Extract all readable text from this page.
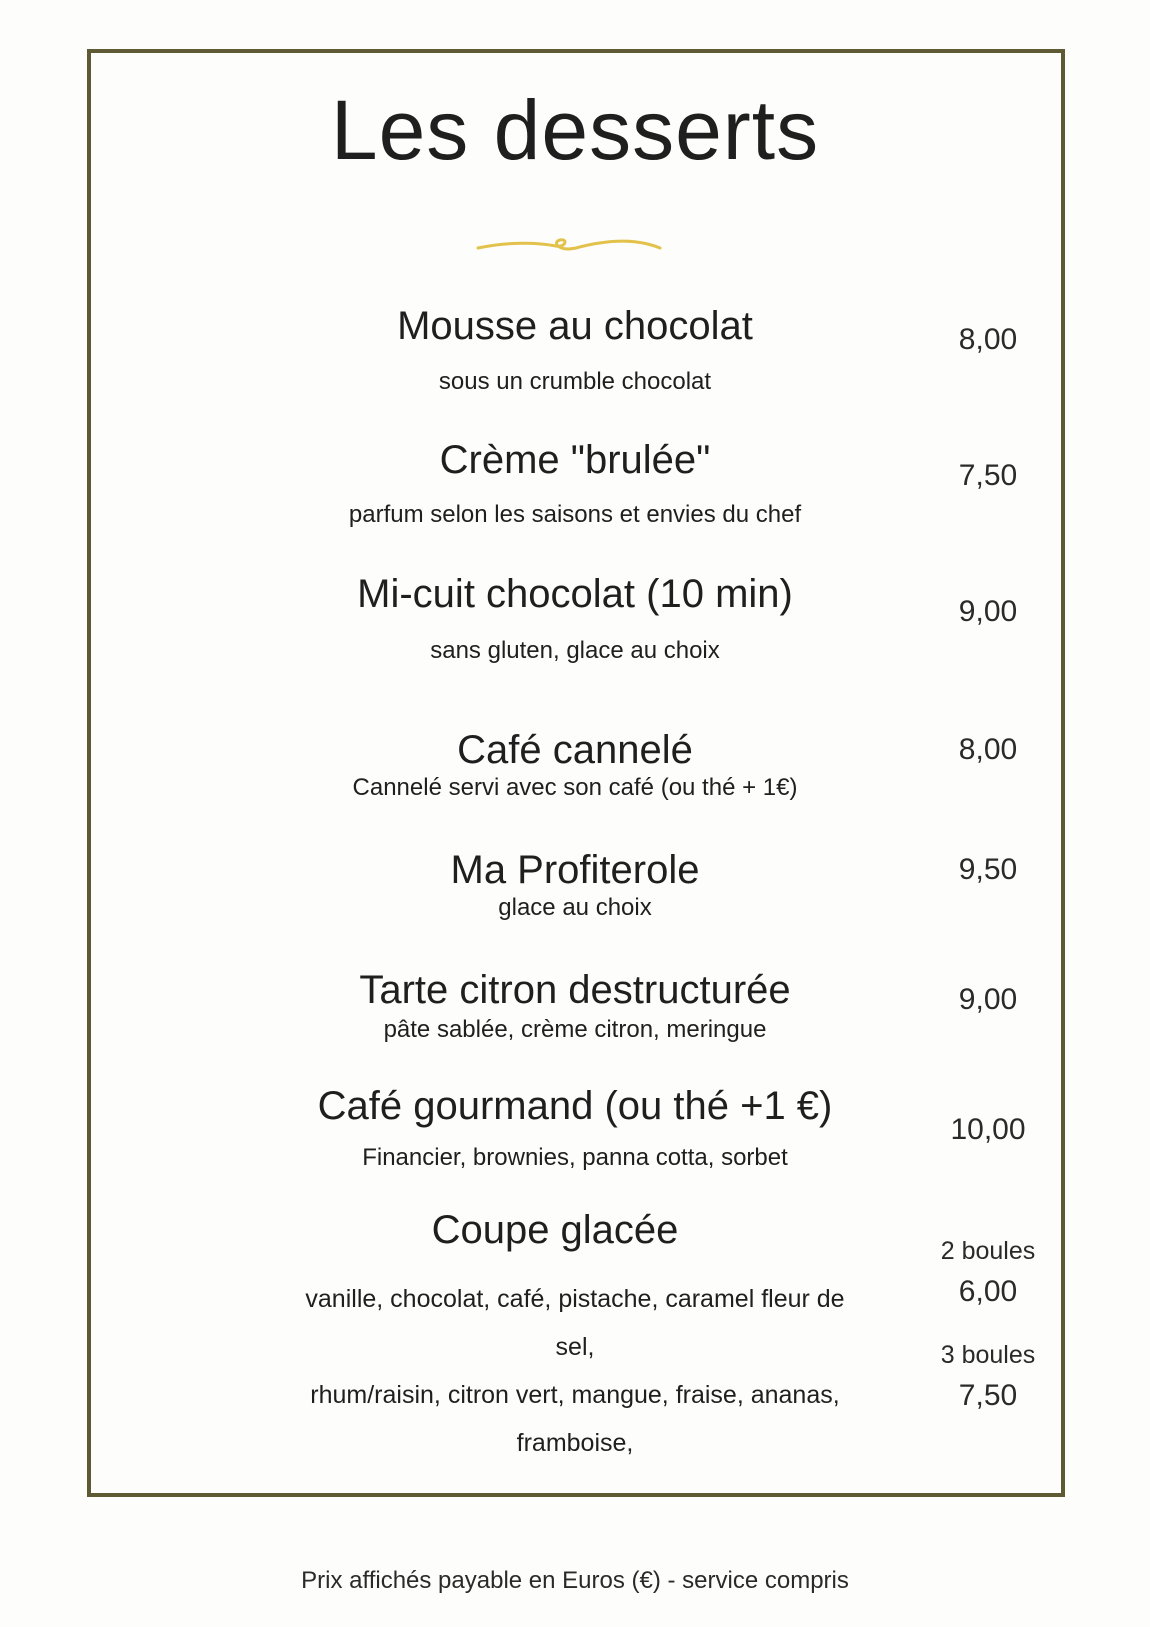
Les desserts
Mousse au chocolat
sous un crumble chocolat
8,00
Crème "brulée"
parfum selon les saisons et envies du chef
7,50
Mi-cuit chocolat (10 min)
sans gluten, glace au choix
9,00
Café cannelé
Cannelé servi avec son café (ou thé + 1€)
8,00
Ma Profiterole
glace au choix
9,50
Tarte citron destructurée
pâte sablée, crème citron, meringue
9,00
Café gourmand (ou thé +1 €)
Financier, brownies, panna cotta, sorbet
10,00
Coupe glacée
vanille, chocolat, café, pistache, caramel fleur de sel,
rhum/raisin, citron vert, mangue, fraise, ananas,
framboise,
2 boules
6,00
3 boules
7,50
Prix affichés payable en Euros (€) - service compris
